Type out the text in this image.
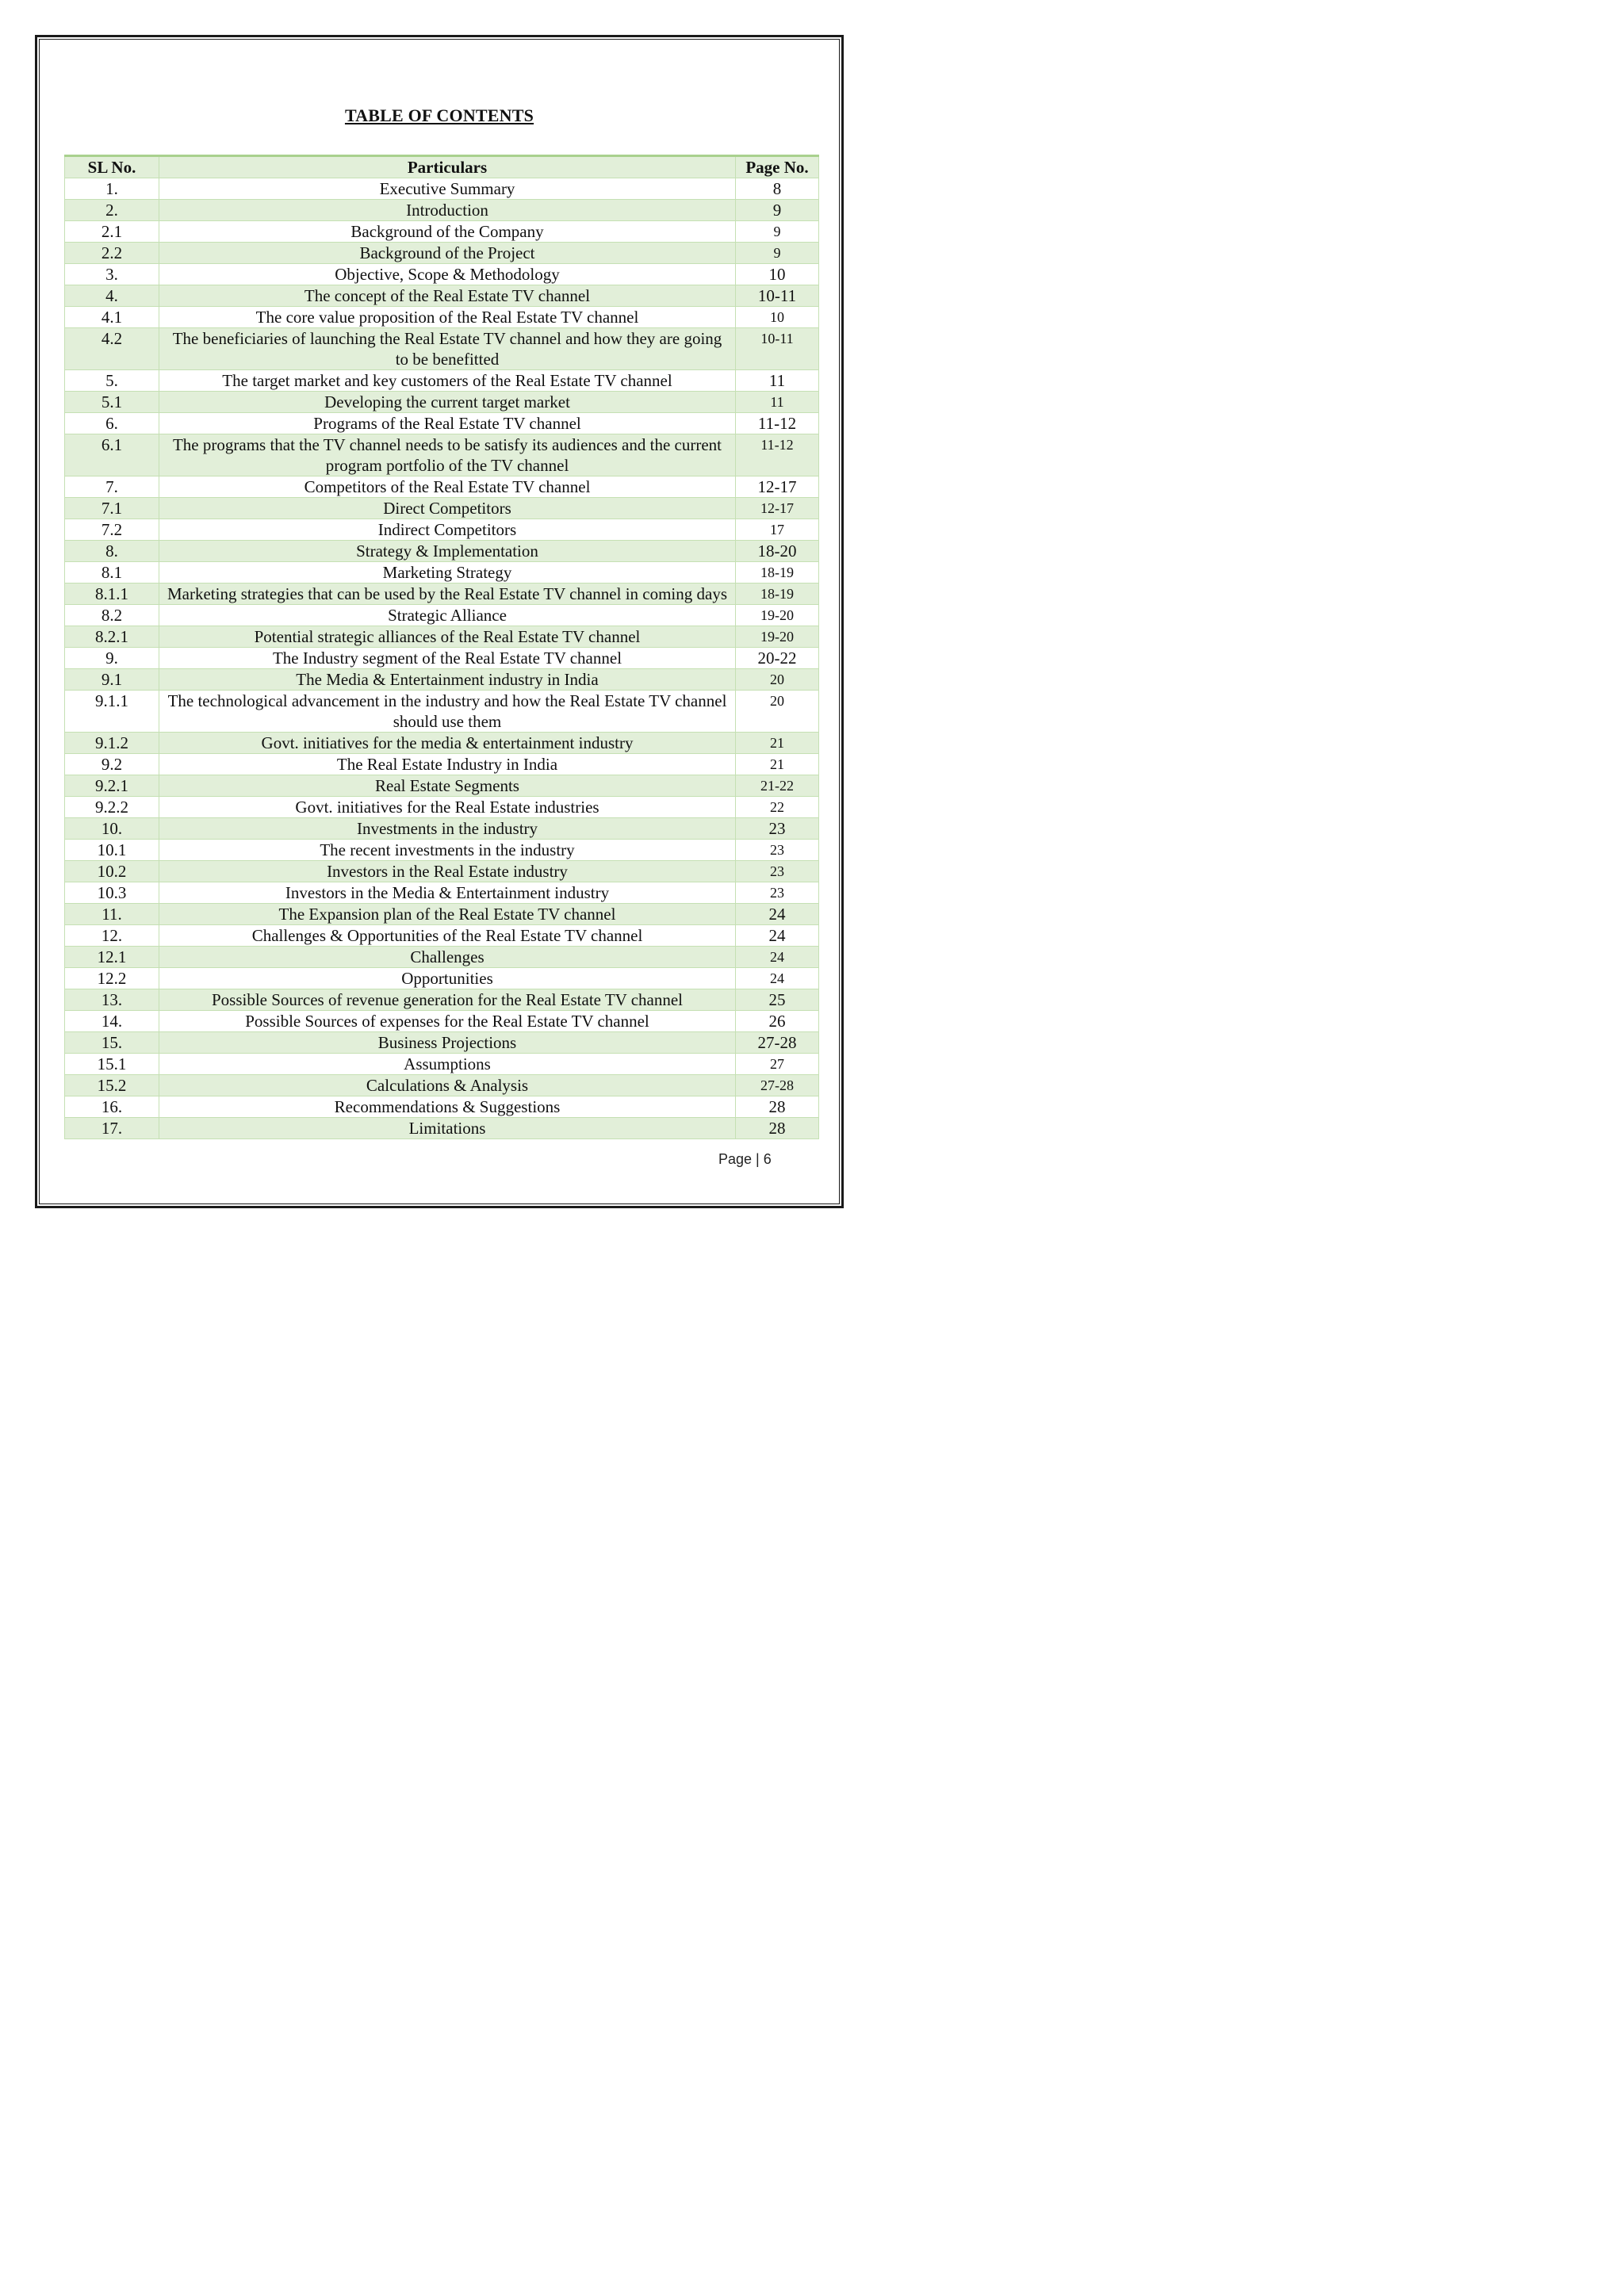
TABLE OF CONTENTS
SL No.	Particulars	Page No.
1.	Executive Summary	8
2.	Introduction	9
2.1	Background of the Company	9
2.2	Background of the Project	9
3.	Objective, Scope & Methodology	10
4.	The concept of the Real Estate TV channel	10-11
4.1	The core value proposition of the Real Estate TV channel	10
4.2	The beneficiaries of launching the Real Estate TV channel and how they are going to be benefitted	10-11
5.	The target market and key customers of the Real Estate TV channel	11
5.1	Developing the current target market	11
6.	Programs of the Real Estate TV channel	11-12
6.1	The programs that the TV channel needs to be satisfy its audiences and the current program portfolio of the TV channel	11-12
7.	Competitors of the Real Estate TV channel	12-17
7.1	Direct Competitors	12-17
7.2	Indirect Competitors	17
8.	Strategy & Implementation	18-20
8.1	Marketing Strategy	18-19
8.1.1	Marketing strategies that can be used by the Real Estate TV channel in coming days	18-19
8.2	Strategic Alliance	19-20
8.2.1	Potential strategic alliances of the Real Estate TV channel	19-20
9.	The Industry segment of the Real Estate TV channel	20-22
9.1	The Media & Entertainment industry in India	20
9.1.1	The technological advancement in the industry and how the Real Estate TV channel should use them	20
9.1.2	Govt. initiatives for the media & entertainment industry	21
9.2	The Real Estate Industry in India	21
9.2.1	Real Estate Segments	21-22
9.2.2	Govt. initiatives for the Real Estate industries	22
10.	Investments in the industry	23
10.1	The recent investments in the industry	23
10.2	Investors in the Real Estate industry	23
10.3	Investors in the Media & Entertainment industry	23
11.	The Expansion plan of the Real Estate TV channel	24
12.	Challenges & Opportunities of the Real Estate TV channel	24
12.1	Challenges	24
12.2	Opportunities	24
13.	Possible Sources of revenue generation for the Real Estate TV channel	25
14.	Possible Sources of expenses for the Real Estate TV channel	26
15.	Business Projections	27-28
15.1	Assumptions	27
15.2	Calculations & Analysis	27-28
16.	Recommendations & Suggestions	28
17.	Limitations	28
Page | 6
